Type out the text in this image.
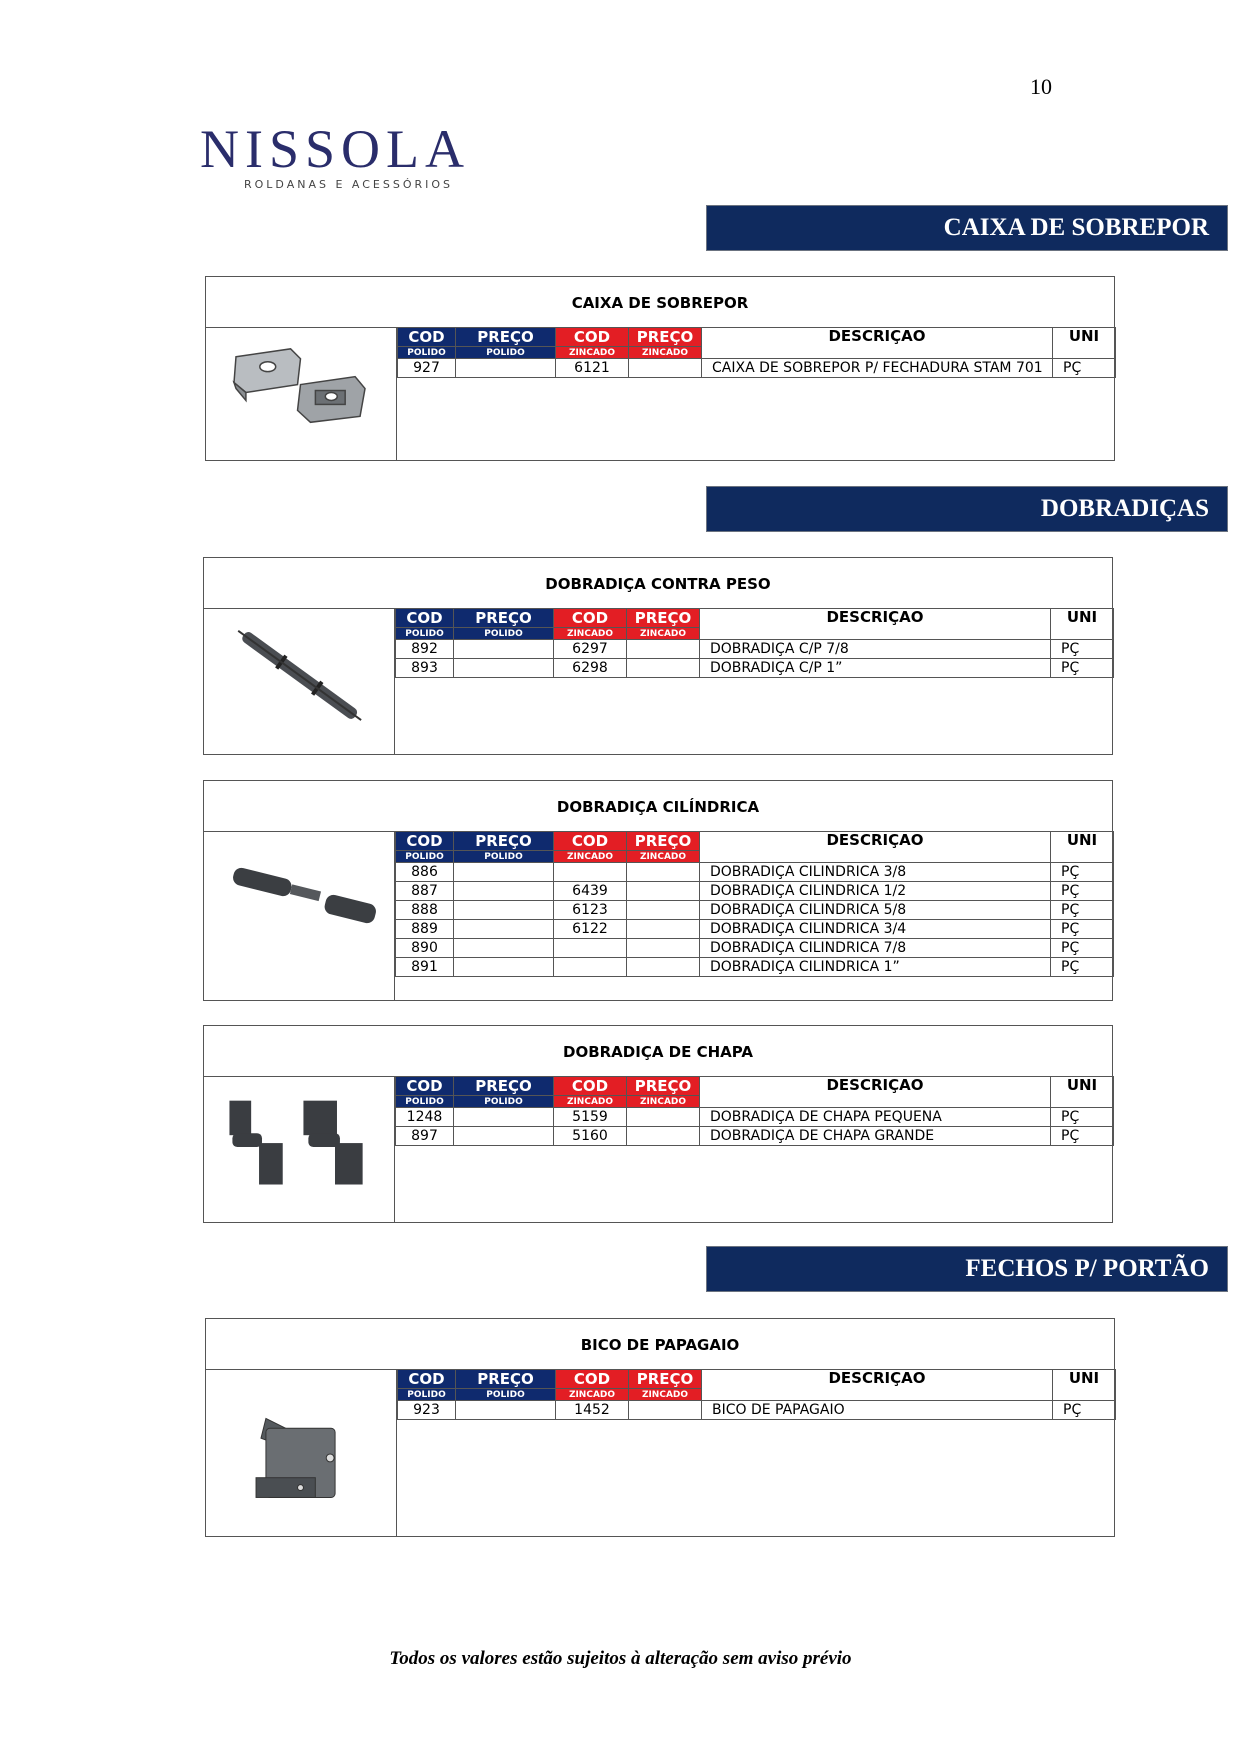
10
NISSOLA
ROLDANAS E ACESSÓRIOS
CAIXA DE SOBREPOR
DOBRADIÇAS
FECHOS P/ PORTÃO
CAIXA DE SOBREPOR
COD	PREÇO	COD	PREÇO	DESCRIÇAO	UNI
POLIDO	POLIDO	ZINCADO	ZINCADO		
927		6121		CAIXA DE SOBREPOR P/ FECHADURA STAM 701	PÇ
DOBRADIÇA CONTRA PESO
COD	PREÇO	COD	PREÇO	DESCRIÇAO	UNI
POLIDO	POLIDO	ZINCADO	ZINCADO		
892		6297		DOBRADIÇA C/P 7/8	PÇ
893		6298		DOBRADIÇA C/P 1”	PÇ
DOBRADIÇA CILÍNDRICA
COD	PREÇO	COD	PREÇO	DESCRIÇAO	UNI
POLIDO	POLIDO	ZINCADO	ZINCADO		
886				DOBRADIÇA CILINDRICA 3/8	PÇ
887		6439		DOBRADIÇA CILINDRICA 1/2	PÇ
888		6123		DOBRADIÇA CILINDRICA 5/8	PÇ
889		6122		DOBRADIÇA CILINDRICA 3/4	PÇ
890				DOBRADIÇA CILINDRICA 7/8	PÇ
891				DOBRADIÇA CILINDRICA 1”	PÇ
DOBRADIÇA DE CHAPA
COD	PREÇO	COD	PREÇO	DESCRIÇAO	UNI
POLIDO	POLIDO	ZINCADO	ZINCADO		
1248		5159		DOBRADIÇA DE CHAPA PEQUENA	PÇ
897		5160		DOBRADIÇA DE CHAPA GRANDE	PÇ
BICO DE PAPAGAIO
COD	PREÇO	COD	PREÇO	DESCRIÇAO	UNI
POLIDO	POLIDO	ZINCADO	ZINCADO		
923		1452		BICO DE PAPAGAIO	PÇ
Todos os valores estão sujeitos à alteração sem aviso prévio
